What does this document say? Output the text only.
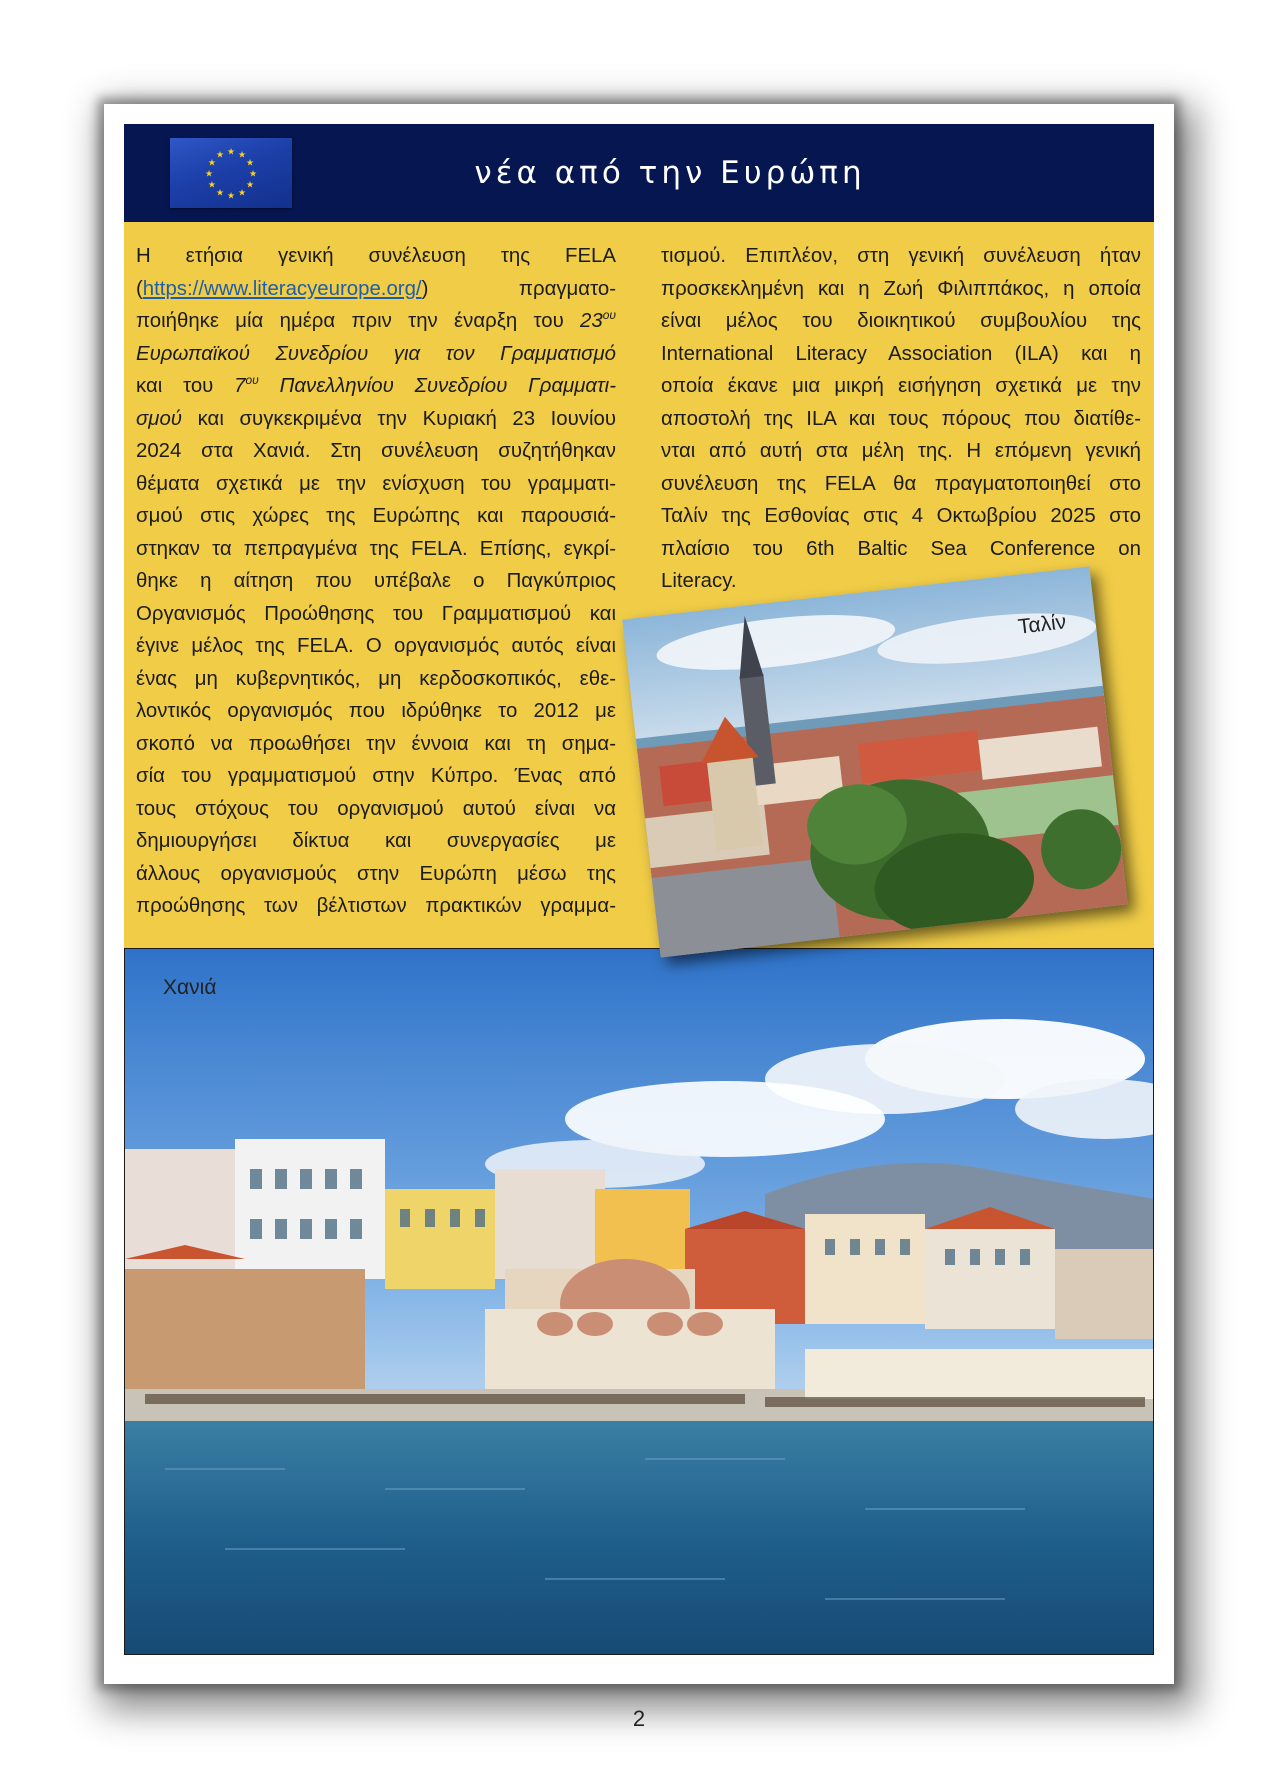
★
★
★
★
★
★
★
★
★ ★ ★
★	νέα από την Ευρώπη

Η ετήσια γενική συνέλευση της FELA

(https://www.literacyeurope.org/) πραγματο-

ποιήθηκε μία ημέρα πριν την έναρξη του $23^{o\upsilon}$

Ευρωπαϊκού Συνεδρίου για τον Γραμματισμό

και του $7^{o\upsilon}$ Πανελληνίου Συνεδρίου Γραμματι-

σμού και συγκεκριμένα την Κυριακή 23 Ιουνίου

2024 στα Χανιά. Στη συνέλευση συζητήθηκαν

θέματα σχετικά με την ενίσχυση του γραμματι-

σμού στις χώρες της Ευρώπης και παρουσιά-

στηκαν τα πεπραγμένα της FELA. Επίσης, εγκρί-

θηκε η αίτηση που υπέβαλε ο Παγκύπριος

Οργανισμός Προώθησης του Γραμματισμού και

έγινε μέλος της FELA. Ο οργανισμός αυτός είναι

ένας μη κυβερνητικός, μη κερδοσκοπικός, εθε-

λοντικός οργανισμός που ιδρύθηκε το 2012 με

σκοπό να προωθήσει την έννοια και τη σημα-

σία του γραμματισμού στην Κύπρο. Ένας από

τους στόχους του οργανισμού αυτού είναι να

δημιουργήσει δίκτυα και συνεργασίες με

άλλους οργανισμούς στην Ευρώπη μέσω της

προώθησης των βέλτιστων πρακτικών γραμμα-

τισμού. Επιπλέον, στη γενική συνέλευση ήταν

προσκεκλημένη και η Ζωή Φιλιππάκος, η οποία

είναι μέλος του διοικητικού συμβουλίου της

International Literacy Association (ILA) και η

οποία έκανε μια μικρή εισήγηση σχετικά με την

αποστολή της ILA και τους πόρους που διατίθε-

νται από αυτή στα μέλη της. Η επόμενη γενική

συνέλευση της FELA θα πραγματοποιηθεί στο

Ταλίν της Εσθονίας στις 4 Οκτωβρίου 2025 στο

πλαίσιο του 6th Baltic Sea Conference on

Literacy.

Χανιά
Ταλίν
2
